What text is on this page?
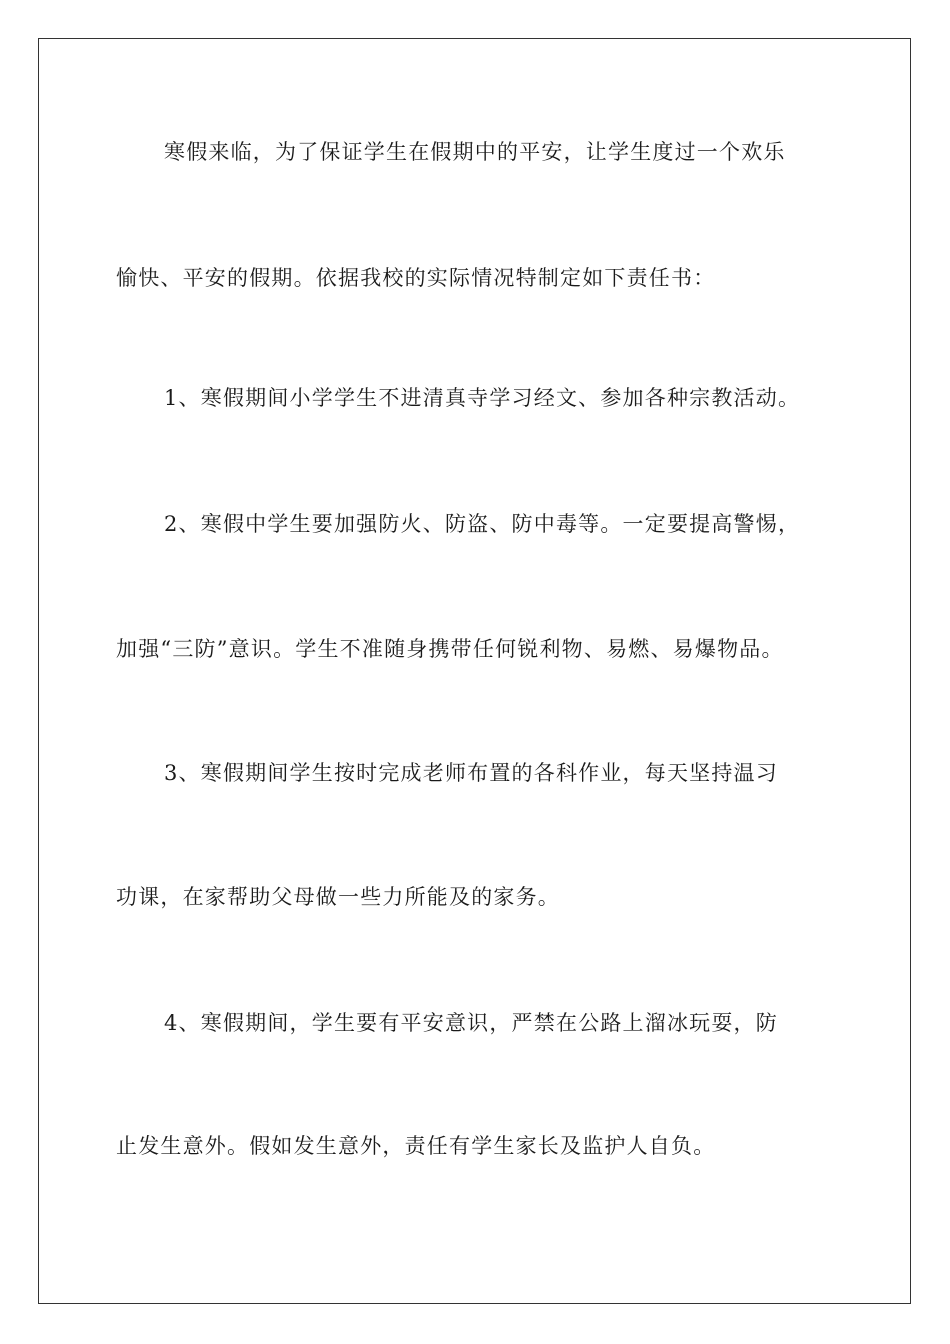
寒假来临，为了保证学生在假期中的平安，让学生度过一个欢乐
愉快、平安的假期。依据我校的实际情况特制定如下责任书：
1、寒假期间小学学生不进清真寺学习经文、参加各种宗教活动。
2、寒假中学生要加强防火、防盗、防中毒等。一定要提高警惕，
加强“三防”意识。学生不准随身携带任何锐利物、易燃、易爆物品。
3、寒假期间学生按时完成老师布置的各科作业，每天坚持温习
功课，在家帮助父母做一些力所能及的家务。
4、寒假期间，学生要有平安意识，严禁在公路上溜冰玩耍，防
止发生意外。假如发生意外，责任有学生家长及监护人自负。
